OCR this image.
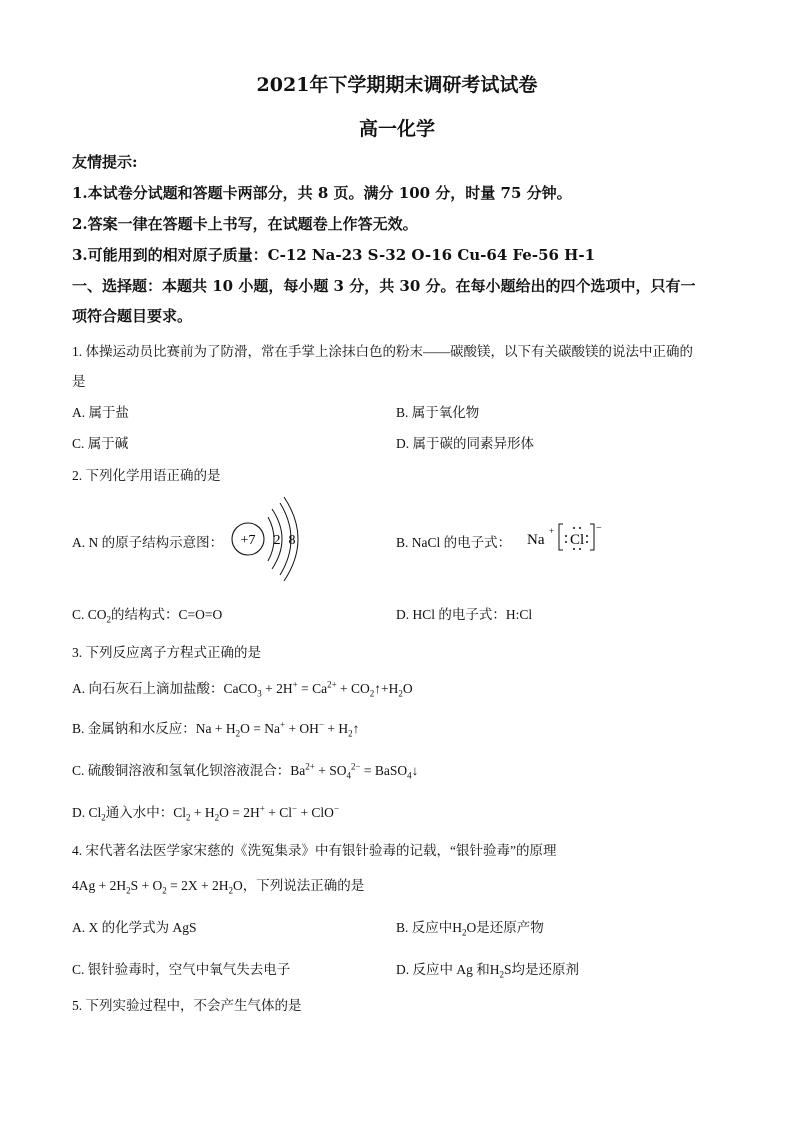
2021年下学期期末调研考试试卷
高一化学
友情提示:
1.本试卷分试题和答题卡两部分，共 8 页。满分 100 分，时量 75 分钟。
2.答案一律在答题卡上书写，在试题卷上作答无效。
3.可能用到的相对原子质量：C-12 Na-23 S-32 O-16 Cu-64 Fe-56 H-1
一、选择题：本题共 10 小题，每小题 3 分，共 30 分。在每小题给出的四个选项中，只有一
项符合题目要求。
1. 体操运动员比赛前为了防滑，常在手掌上涂抹白色的粉末——碳酸镁，以下有关碳酸镁的说法中正确的
是
A. 属于盐	B. 属于氧化物
C. 属于碱	D. 属于碳的同素异形体
2. 下列化学用语正确的是
A. N 的原子结构示意图： +7 2 8	B. NaCl 的电子式： Na
+
Cl
−
C. $CO_2$的结构式：C=O=O	D. HCl 的电子式：H:Cl
3. 下列反应离子方程式正确的是
A. 向石灰石上滴加盐酸：CaCO$_3$ + $2H^+ = Ca^{2+}$ + $CO_2↑+H_2O$
B. 金属钠和水反应：$Na + H_2O = Na^+ + OH^-$ + $H_2↑$
C. 硫酸铜溶液和氢氧化钡溶液混合：$Ba^{2+} + SO_4^{2-}$ = BaSO$_4$↓
D. $Cl_2$通入水中：$Cl_2 + H_2O = 2H^+ + Cl^- + ClO^-$
4. 宋代著名法医学家宋慈的《洗冤集录》中有银针验毒的记载，“银针验毒”的原理
$4Ag + 2H_2S + O_2 = 2X + 2H_2O$，下列说法正确的是
A. X 的化学式为 AgS	B. 反应中$H_2O$是还原产物
C. 银针验毒时，空气中氧气失去电子	D. 反应中 Ag 和$H_2S$均是还原剂
5. 下列实验过程中，不会产生气体的是
